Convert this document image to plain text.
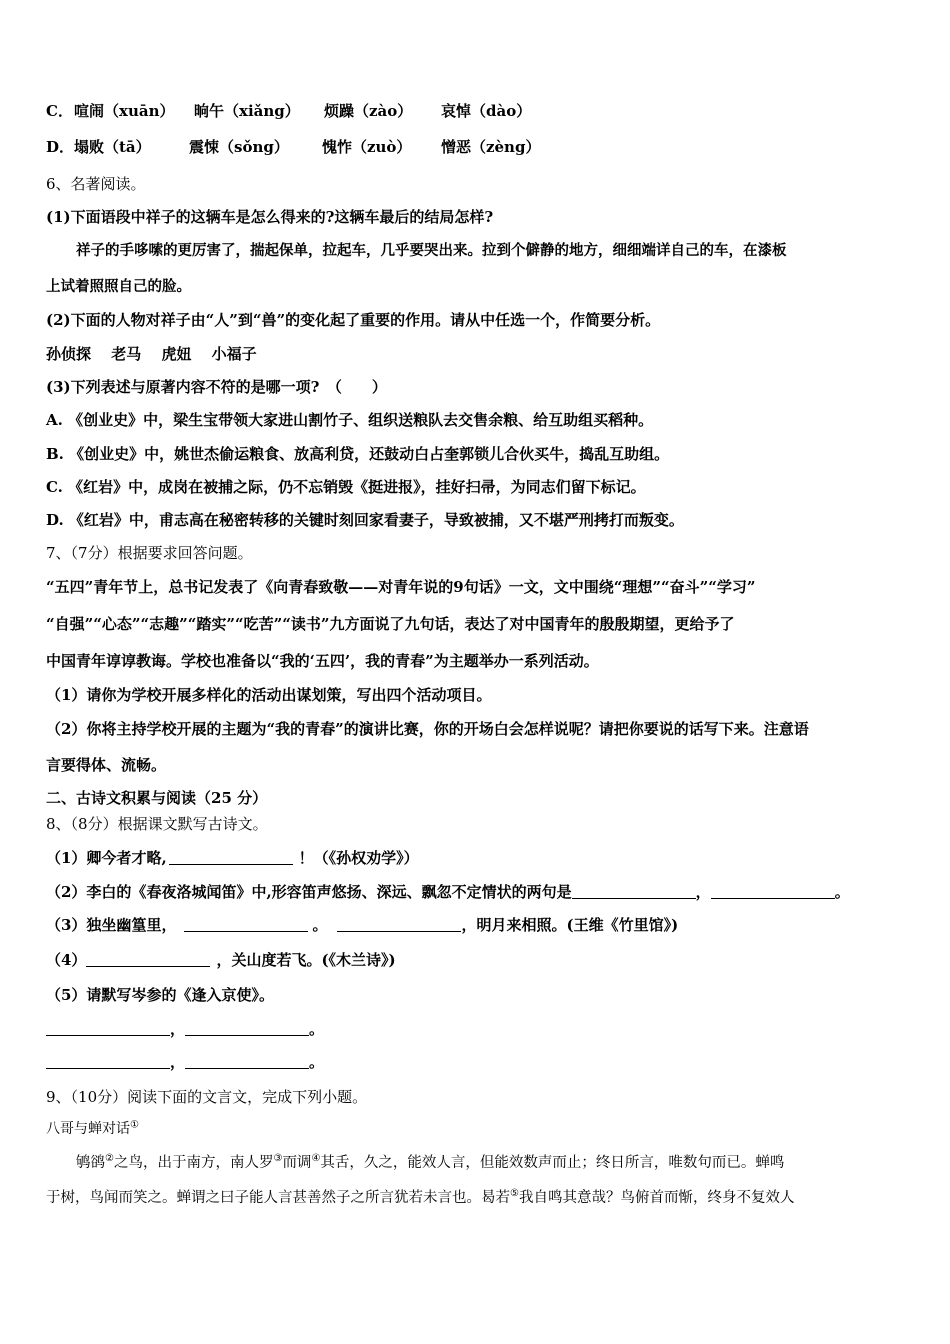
C．喧闹（xuān） 晌午（xiǎng） 烦躁（zào） 哀悼（dào）
D．塌败（tā）	震悚（sǒng） 愧怍（zuò） 憎恶（zèng）
6、名著阅读。
(1)下面语段中祥子的这辆车是怎么得来的?这辆车最后的结局怎样?
祥子的手哆嗦的更厉害了，揣起保单，拉起车，几乎要哭出来。拉到个僻静的地方，细细端详自己的车，在漆板
上试着照照自己的脸。
(2)下面的人物对祥子由“人”到“兽”的变化起了重要的作用。请从中任选一个，作简要分析。
孙侦探　 老马　 虎妞　 小福子
(3)下列表述与原著内容不符的是哪一项?　（　　）
A. 《创业史》中，梁生宝带领大家进山割竹子、组织送粮队去交售余粮、给互助组买稻种。
B. 《创业史》中，姚世杰偷运粮食、放高利贷，还鼓动白占奎郭锁儿合伙买牛，捣乱互助组。
C. 《红岩》中，成岗在被捕之际，仍不忘销毁《挺进报》，挂好扫帚，为同志们留下标记。
D. 《红岩》中，甫志高在秘密转移的关键时刻回家看妻子，导致被捕，又不堪严刑拷打而叛变。
7、（7分）根据要求回答问题。
“五四”青年节上，总书记发表了《向青春致敬——对青年说的9句话》一文，文中围绕“理想”“奋斗”“学习”
“自强”“心态”“志趣”“踏实”“吃苦”“读书”九方面说了九句话，表达了对中国青年的殷殷期望，更给予了
中国青年谆谆教诲。学校也准备以“我的‘五四’，我的青春”为主题举办一系列活动。
（1）请你为学校开展多样化的活动出谋划策，写出四个活动项目。
（2）你将主持学校开展的主题为“我的青春”的演讲比赛，你的开场白会怎样说呢？请把你要说的话写下来。注意语
言要得体、流畅。
二、古诗文积累与阅读（25 分）
8、（8分）根据课文默写古诗文。
（1）卿今者才略,	！（《孙权劝学》）
（2）李白的《春夜洛城闻笛》中,形容笛声悠扬、深远、飘忽不定情状的两句是	，	。
（3）独坐幽篁里，	。	，明月来相照。(王维《竹里馆》)
（4）	，关山度若飞。(《木兰诗》)
（5）请默写岑参的《逢入京使》。
，	。
，	。
9、（10分）阅读下面的文言文，完成下列小题。
八哥与蝉对话①
鸲鹆②之鸟，出于南方，南人罗③而调④其舌，久之，能效人言，但能效数声而止；终日所言，唯数句而已。蝉鸣
于树，鸟闻而笑之。蝉谓之曰子能人言甚善然子之所言犹若未言也。曷若⑤我自鸣其意哉？鸟俯首而惭，终身不复效人
